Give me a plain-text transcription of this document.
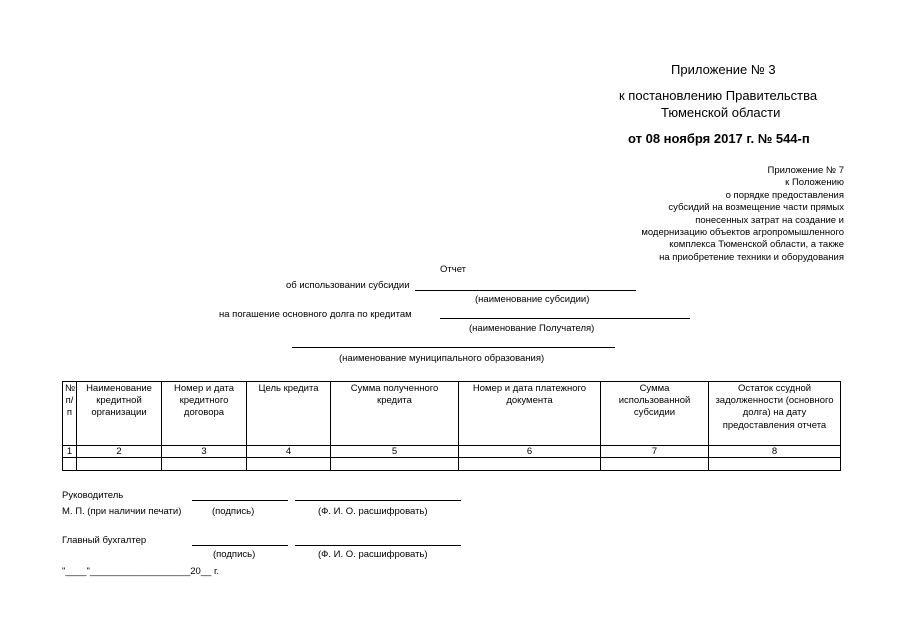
Приложение № 3
к постановлению Правительства
Тюменской области
от 08 ноября 2017 г. № 544-п
Приложение № 7
к Положению
о порядке предоставления
субсидий на возмещение части прямых
понесенных затрат на создание и
модернизацию объектов агропромышленного
комплекса Тюменской области, а также
на приобретение техники и оборудования
Отчет
об использовании субсидии
(наименование субсидии)
на погашение основного долга по кредитам
(наименование Получателя)
(наименование муниципального образования)
№ п/п	Наименование кредитной организации	Номер и дата кредитного договора	Цель кредита	Сумма полученного кредита	Номер и дата платежного документа	Сумма использованной субсидии	Остаток ссудной задолженности (основного долга) на дату предоставления отчета
1	2	3	4	5	6	7	8

Руководитель
М. П. (при наличии печати)	(подпись)	(Ф. И. О. расшифровать)
Главный бухгалтер
(подпись)	(Ф. И. О. расшифровать)
"____"___________________20__ г.
